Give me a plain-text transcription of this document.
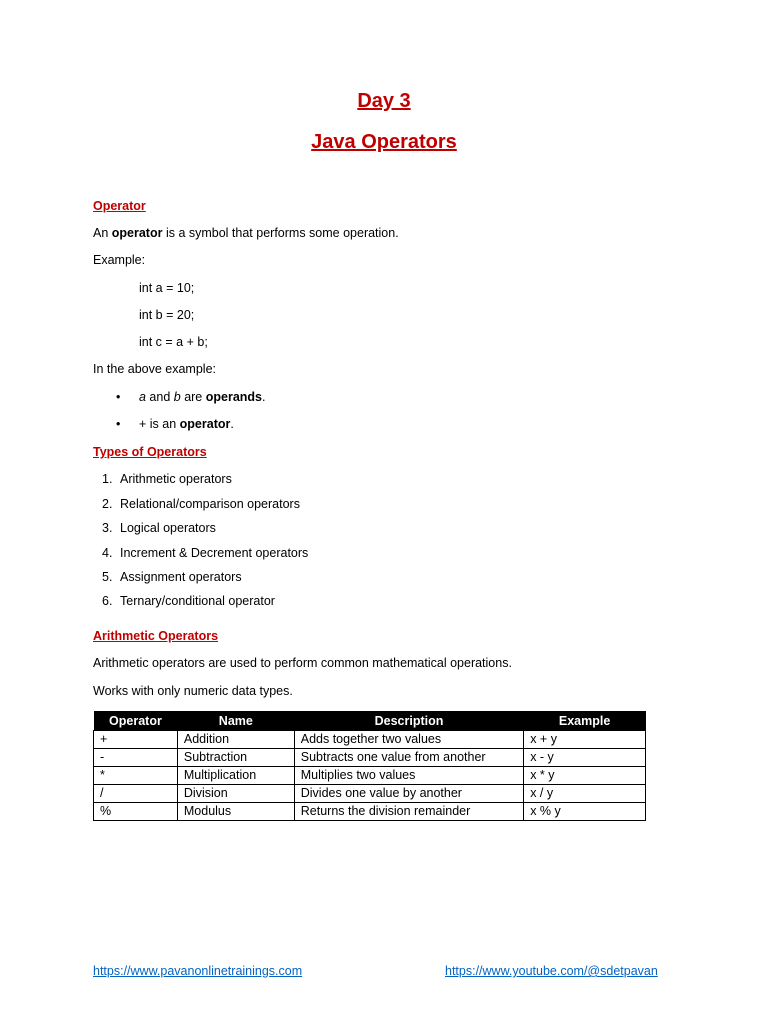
Day 3
Java Operators
Operator
An operator is a symbol that performs some operation.
Example:
int a = 10;
int b = 20;
int c = a + b;
In the above example:
• a and b are operands.
• + is an operator.
Types of Operators
1. Arithmetic operators
2. Relational/comparison operators
3. Logical operators
4. Increment & Decrement operators
5. Assignment operators
6. Ternary/conditional operator
Arithmetic Operators
Arithmetic operators are used to perform common mathematical operations.
Works with only numeric data types.
Operator	Name	Description	Example
+	Addition	Adds together two values	x + y
-	Subtraction	Subtracts one value from another	x - y
*	Multiplication	Multiplies two values	x * y
/	Division	Divides one value by another	x / y
%	Modulus	Returns the division remainder	x % y
https://www.pavanonlinetrainings.com	https://www.youtube.com/@sdetpavan
